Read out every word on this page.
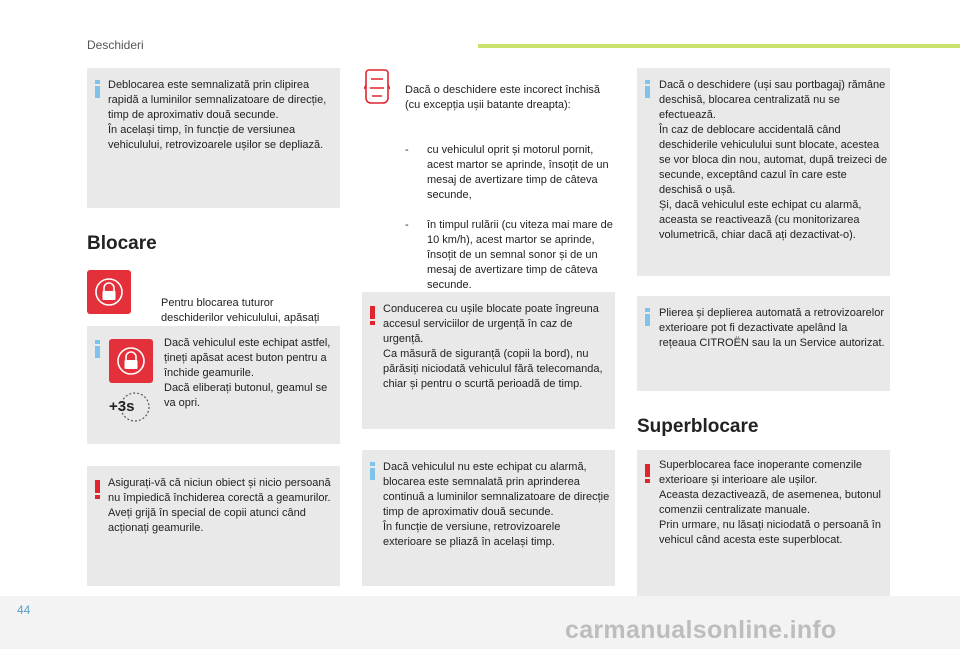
Deschideri
Deblocarea este semnalizată prin clipirea rapidă a luminilor semnalizatoare de direcție, timp de aproximativ două secunde.
În același timp, în funcție de versiunea vehiculului, retrovizoarele ușilor se depliază.
Blocare

Pentru blocarea tuturor deschiderilor vehiculului, apăsați

+3s
Dacă vehiculul este echipat astfel, țineți apăsat acest buton pentru a închide geamurile.
Dacă eliberați butonul, geamul se va opri.
Asigurați-vă că niciun obiect și nicio persoană nu împiedică închiderea corectă a geamurilor.
Aveți grijă în special de copii atunci când acționați geamurile.

Dacă o deschidere este incorect închisă (cu excepția ușii batante dreapta):

- cu vehiculul oprit și motorul pornit, acest martor se aprinde, însoțit de un mesaj de avertizare timp de câteva secunde,

- în timpul rulării (cu viteza mai mare de 10 km/h), acest martor se aprinde, însoțit de un semnal sonor și de un mesaj de avertizare timp de câteva secunde.

Conducerea cu ușile blocate poate îngreuna accesul serviciilor de urgență în caz de urgență.
Ca măsură de siguranță (copii la bord), nu părăsiți niciodată vehiculul fără telecomanda, chiar și pentru o scurtă perioadă de timp.
Dacă vehiculul nu este echipat cu alarmă, blocarea este semnalată prin aprinderea continuă a luminilor semnalizatoare de direcție timp de aproximativ două secunde.
În funcție de versiune, retrovizoarele exterioare se pliază în același timp.
Dacă o deschidere (uși sau portbagaj) rămâne deschisă, blocarea centralizată nu se efectuează.
În caz de deblocare accidentală când deschiderile vehiculului sunt blocate, acestea se vor bloca din nou, automat, după treizeci de secunde, exceptând cazul în care este deschisă o ușă.
Și, dacă vehiculul este echipat cu alarmă, aceasta se reactivează (cu monitorizarea volumetrică, chiar dacă ați dezactivat-o).
Plierea și deplierea automată a retrovizoarelor exterioare pot fi dezactivate apelând la rețeaua CITROËN sau la un Service autorizat.
Superblocare
Superblocarea face inoperante comenzile exterioare și interioare ale ușilor.
Aceasta dezactivează, de asemenea, butonul comenzii centralizate manuale.
Prin urmare, nu lăsați niciodată o persoană în vehicul când acesta este superblocat.
44
carmanualsonline.info
